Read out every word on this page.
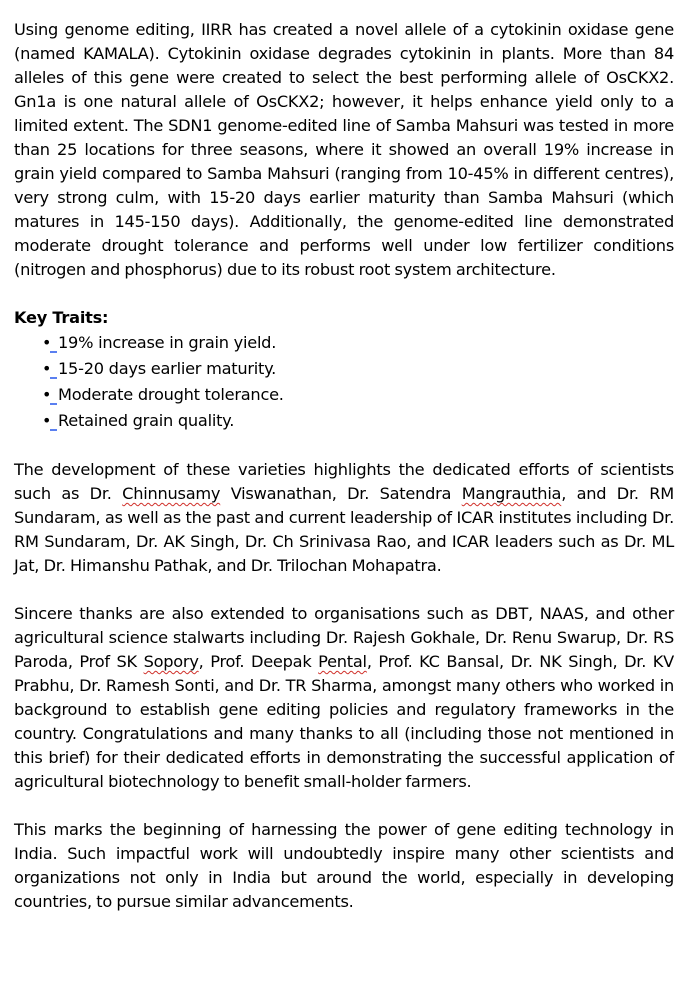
Using genome editing, IIRR has created a novel allele of a cytokinin oxidase gene (named KAMALA). Cytokinin oxidase degrades cytokinin in plants. More than 84 alleles of this gene were created to select the best performing allele of OsCKX2. Gn1a is one natural allele of OsCKX2; however, it helps enhance yield only to a limited extent. The SDN1 genome-edited line of Samba Mahsuri was tested in more than 25 locations for three seasons, where it showed an overall 19% increase in grain yield compared to Samba Mahsuri (ranging from 10-45% in different centres), very strong culm, with 15-20 days earlier maturity than Samba Mahsuri (which matures in 145-150 days). Additionally, the genome-edited line demonstrated moderate drought tolerance and performs well under low fertilizer conditions (nitrogen and phosphorus) due to its robust root system architecture.

Key Traits:

• 19% increase in grain yield.
• 15-20 days earlier maturity.
• Moderate drought tolerance.
• Retained grain quality.

The development of these varieties highlights the dedicated efforts of scientists such as Dr. Chinnusamy Viswanathan, Dr. Satendra Mangrauthia, and Dr. RM Sundaram, as well as the past and current leadership of ICAR institutes including Dr. RM Sundaram, Dr. AK Singh, Dr. Ch Srinivasa Rao, and ICAR leaders such as Dr. ML Jat, Dr. Himanshu Pathak, and Dr. Trilochan Mohapatra.

Sincere thanks are also extended to organisations such as DBT, NAAS, and other agricultural science stalwarts including Dr. Rajesh Gokhale, Dr. Renu Swarup, Dr. RS Paroda, Prof SK Sopory, Prof. Deepak Pental, Prof. KC Bansal, Dr. NK Singh, Dr. KV Prabhu, Dr. Ramesh Sonti, and Dr. TR Sharma, amongst many others who worked in background to establish gene editing policies and regulatory frameworks in the country. Congratulations and many thanks to all (including those not mentioned in this brief) for their dedicated efforts in demonstrating the successful application of agricultural biotechnology to benefit small-holder farmers.

This marks the beginning of harnessing the power of gene editing technology in India. Such impactful work will undoubtedly inspire many other scientists and organizations not only in India but around the world, especially in developing countries, to pursue similar advancements.
